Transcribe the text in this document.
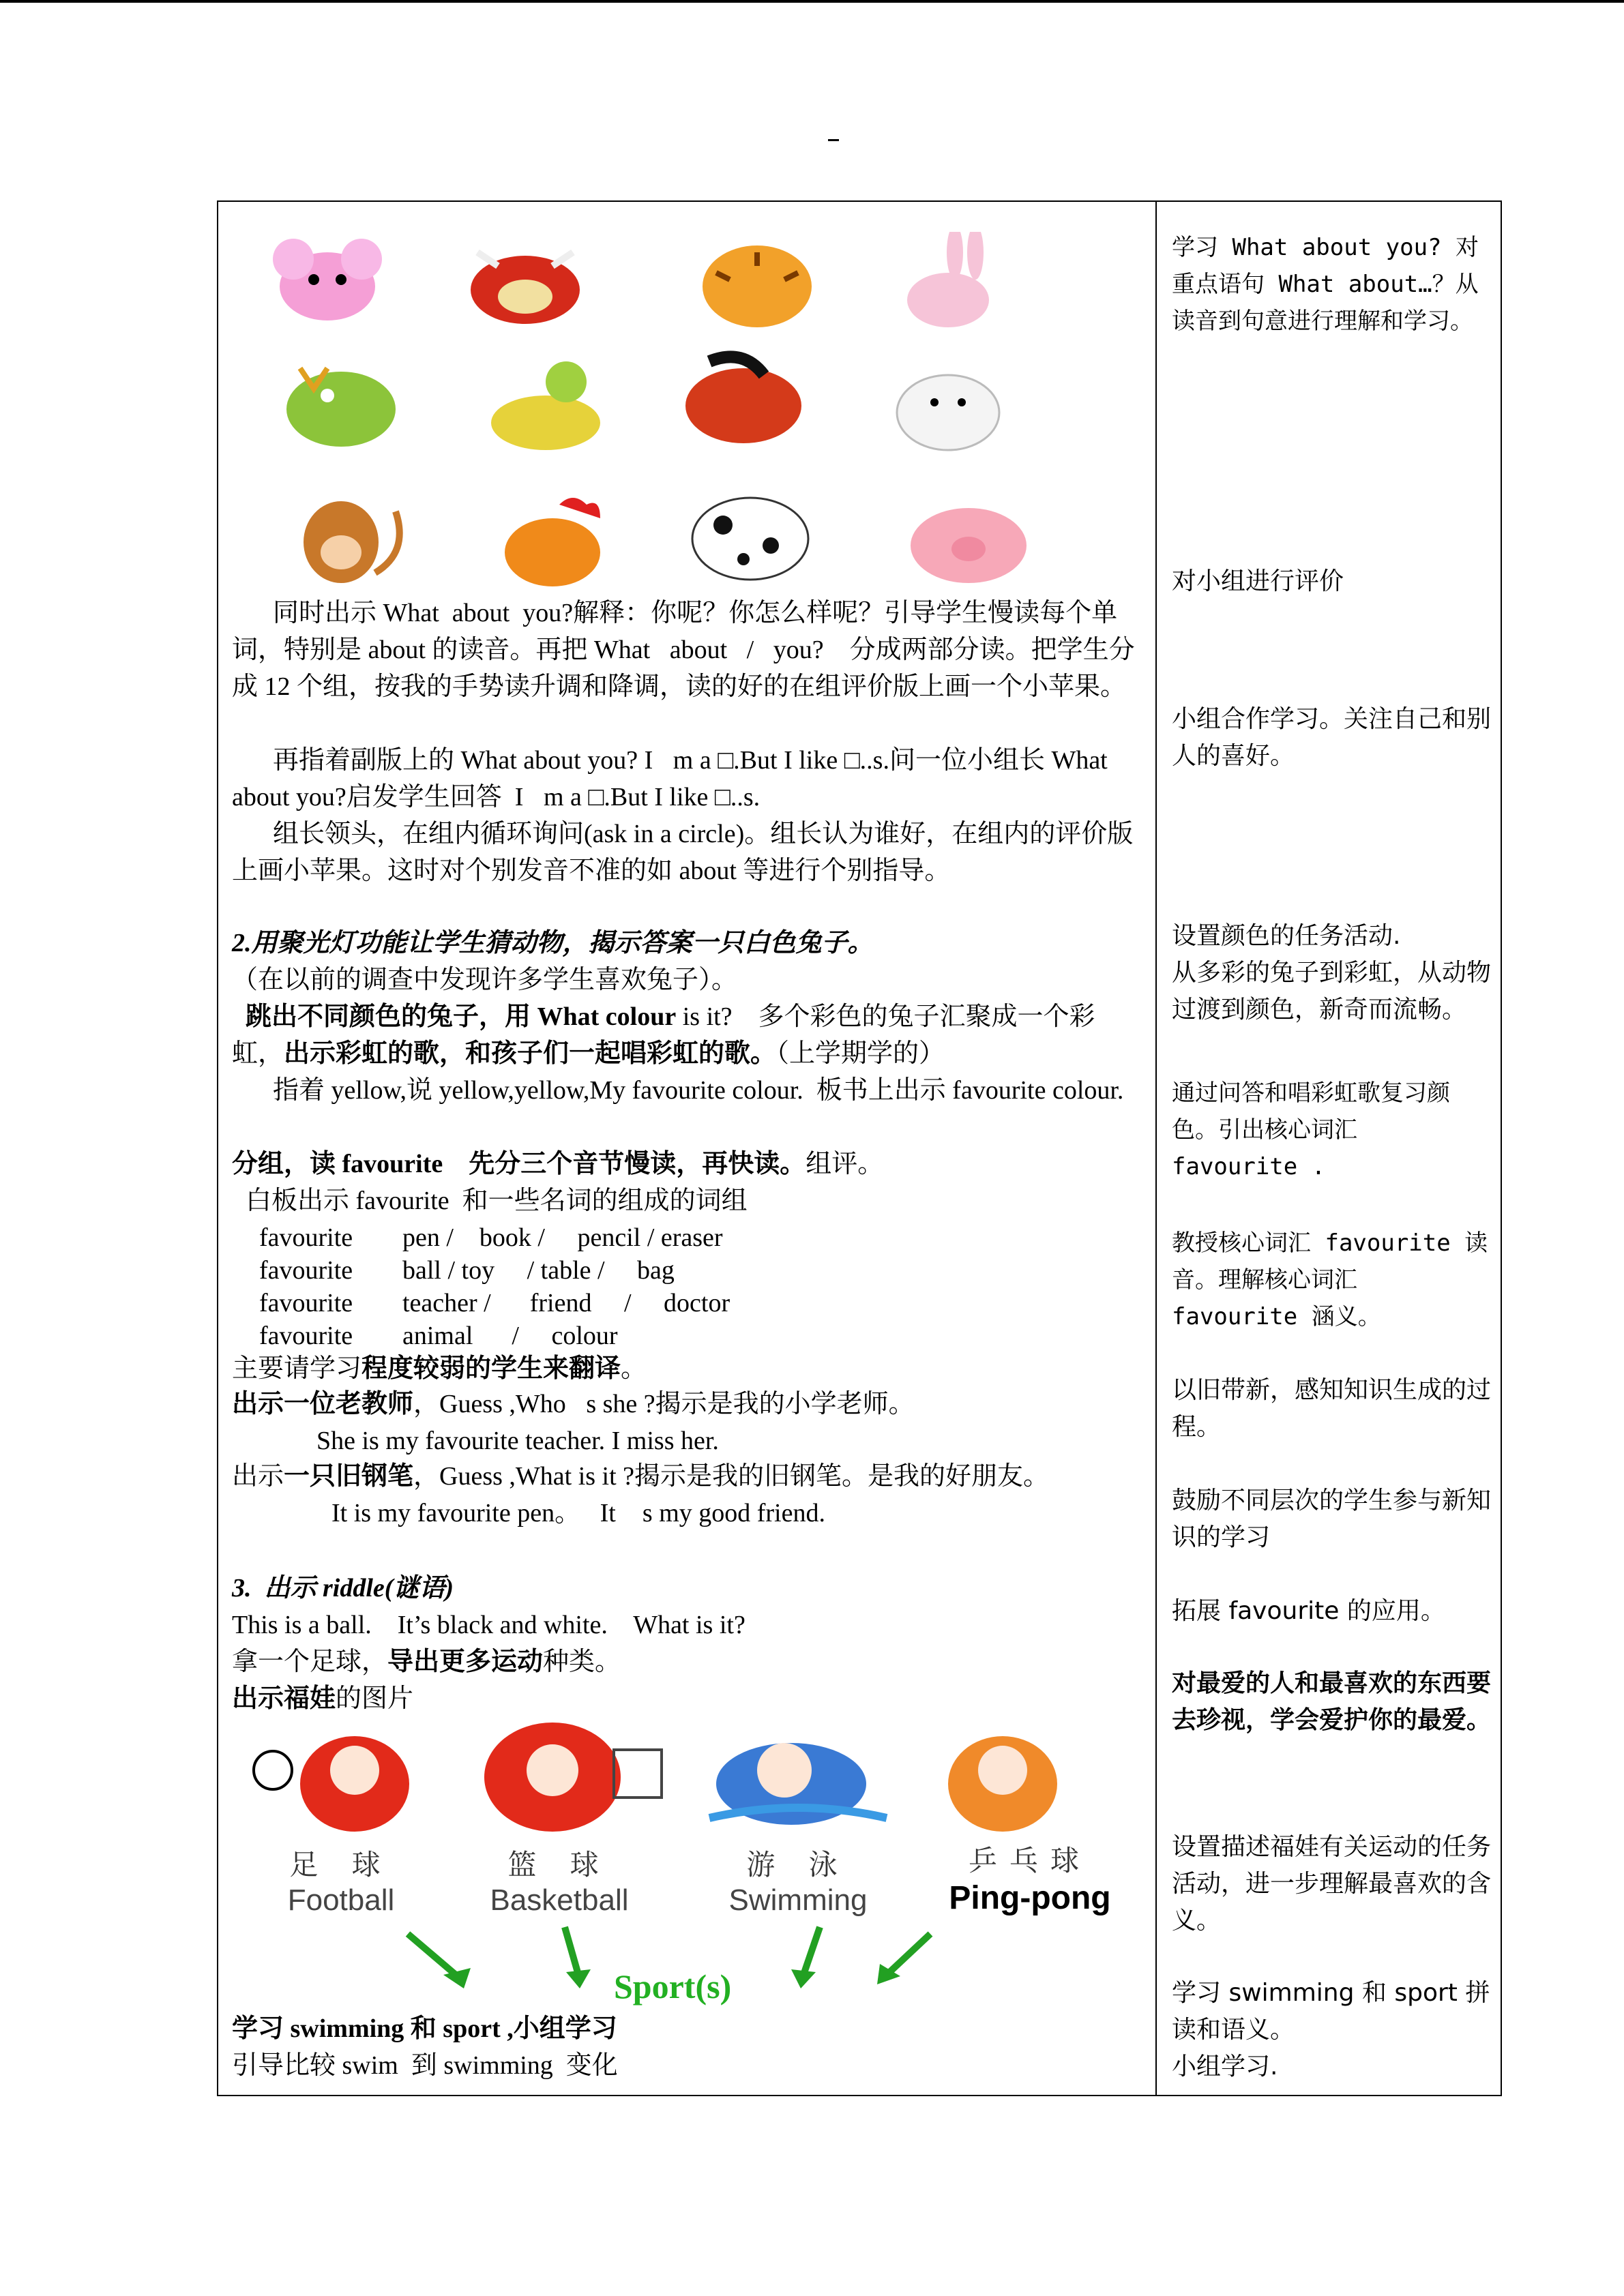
同时出示 What  about  you?解释：你呢？你怎么样呢？引导学生慢读每个单词，特别是 about 的读音。再把 What   about   /   you?    分成两部分读。把学生分成 12 个组，按我的手势读升调和降调，读的好的在组评价版上画一个小苹果。
再指着副版上的 What about you? I m a □.But I like □..s.问一位小组长 What about you?启发学生回答  I m a □.But I like □..s.
组长领头，在组内循环询问(ask in a circle)。组长认为谁好，在组内的评价版上画小苹果。这时对个别发音不准的如 about 等进行个别指导。
2.用聚光灯功能让学生猜动物，揭示答案一只白色兔子。
（在以前的调查中发现许多学生喜欢兔子）。
跳出不同颜色的兔子，用 What colour is it?    多个彩色的兔子汇聚成一个彩虹，出示彩虹的歌，和孩子们一起唱彩虹的歌。（上学期学的）
指着 yellow,说 yellow,yellow,My favourite colour.  板书上出示 favourite colour.
分组，读 favourite    先分三个音节慢读，再快读。组评。
白板出示 favourite  和一些名词的组成的词组
favourite pen /    book /     pencil / eraser
favourite ball / toy     / table /     bag
favourite teacher /      friend     /     doctor
favourite animal      /     colour
主要请学习程度较弱的学生来翻译。
出示一位老教师，Guess ,Who s she ?揭示是我的小学老师。
She is my favourite teacher. I miss her.
出示一只旧钢笔，Guess ,What is it ?揭示是我的旧钢笔。是我的好朋友。
It is my favourite pen。   It  s my good friend.
3.  出示 riddle(谜语)
This is a ball.    It’s black and white.    What is it?
拿一个足球，导出更多运动种类。
出示福娃的图片
足 球
Football
篮 球
Basketball
游 泳
Swimming
乒乓球
Ping-pong
Sport(s)
学习 swimming 和 sport ,小组学习
引导比较 swim  到 swimming  变化
学习 What about you? 对重点语句 What about…？从读音到句意进行理解和学习。
对小组进行评价
小组合作学习。关注自己和别人的喜好。
设置颜色的任务活动.
从多彩的兔子到彩虹，从动物过渡到颜色，新奇而流畅。
通过问答和唱彩虹歌复习颜色。引出核心词汇 favourite .
教授核心词汇 favourite 读音。理解核心词汇 favourite 涵义。
以旧带新，感知知识生成的过程。
鼓励不同层次的学生参与新知识的学习
拓展 favourite 的应用。
对最爱的人和最喜欢的东西要去珍视，学会爱护你的最爱。
设置描述福娃有关运动的任务活动，进一步理解最喜欢的含义。
学习 swimming 和 sport 拼读和语义。
小组学习.
